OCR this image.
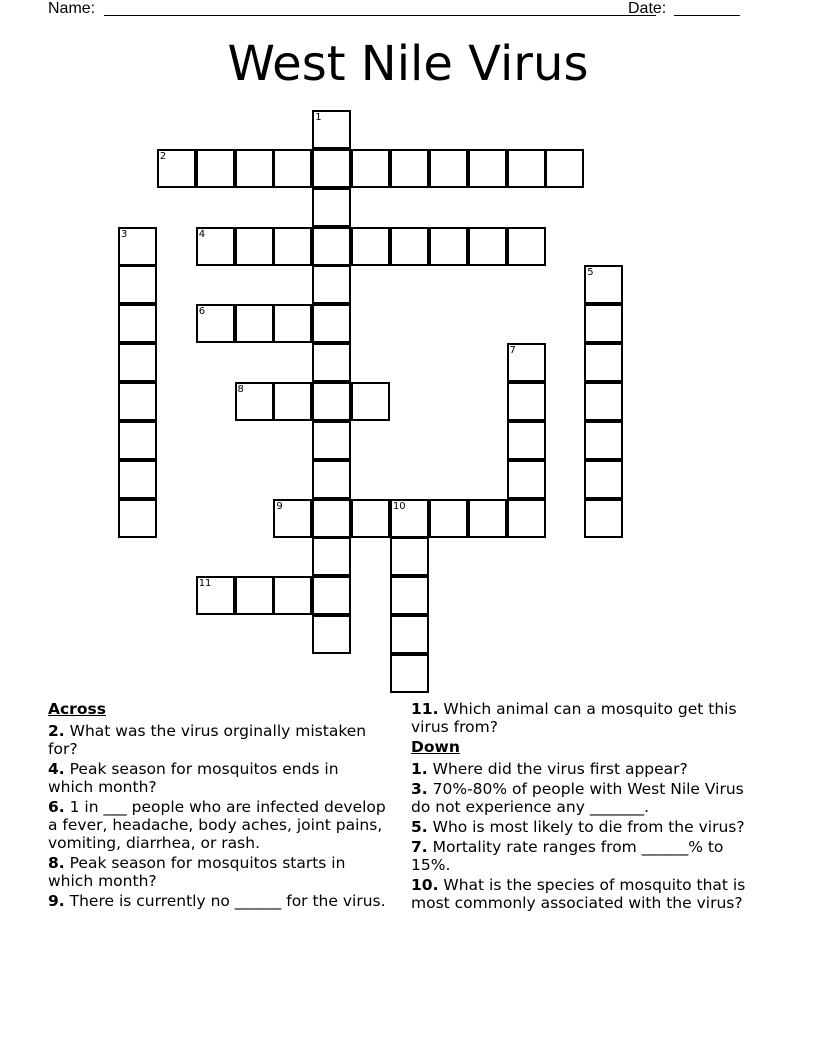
Name:	Date:
West Nile Virus
1
2
3	4
5
6
7
8
9	10
11
Across
2. What was the virus orginally mistaken for?
4. Peak season for mosquitos ends in which month?
6. 1 in ___ people who are infected develop a fever, headache, body aches, joint pains, vomiting, diarrhea, or rash.
8. Peak season for mosquitos starts in which month?
9. There is currently no ______ for the virus.
11. Which animal can a mosquito get this virus from?
Down
1. Where did the virus first appear?
3. 70%-80% of people with West Nile Virus do not experience any _______.
5. Who is most likely to die from the virus?
7. Mortality rate ranges from ______% to 15%.
10. What is the species of mosquito that is most commonly associated with the virus?
